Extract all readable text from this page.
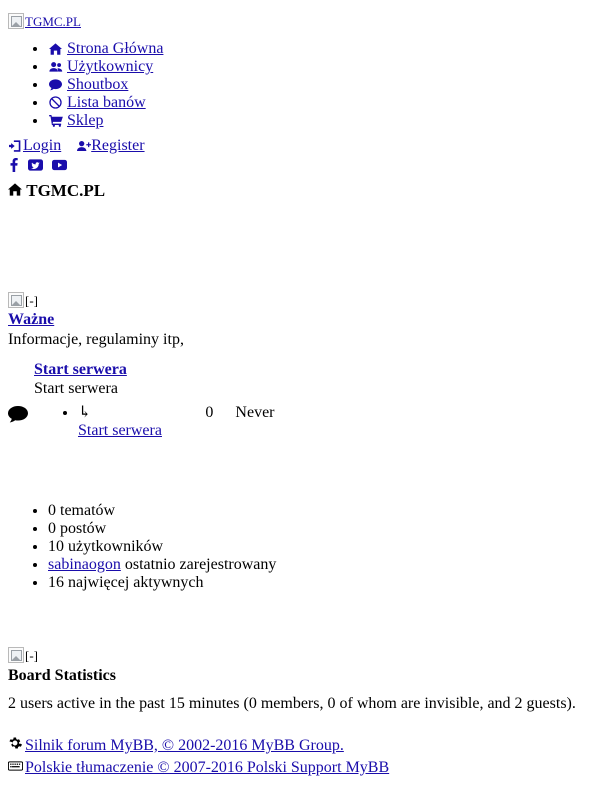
TGMC.PL
• Strona Główna
• Użytkownicy
• Shoutbox
• Lista banów
• Sklep
Login Register

TGMC.PL
[-]
Ważne
Informacje, regulaminy itp,
Start serwera
Start serwera
• ↳	0 Never
Start serwera
• 0 tematów
• 0 postów
• 10 użytkowników
• sabinaogon ostatnio zarejestrowany
• 16 najwięcej aktywnych
[-]
Board Statistics
2 users active in the past 15 minutes (0 members, 0 of whom are invisible, and 2 guests).
Silnik forum MyBB, © 2002-2016 MyBB Group.
Polskie tłumaczenie © 2007-2016 Polski Support MyBB
